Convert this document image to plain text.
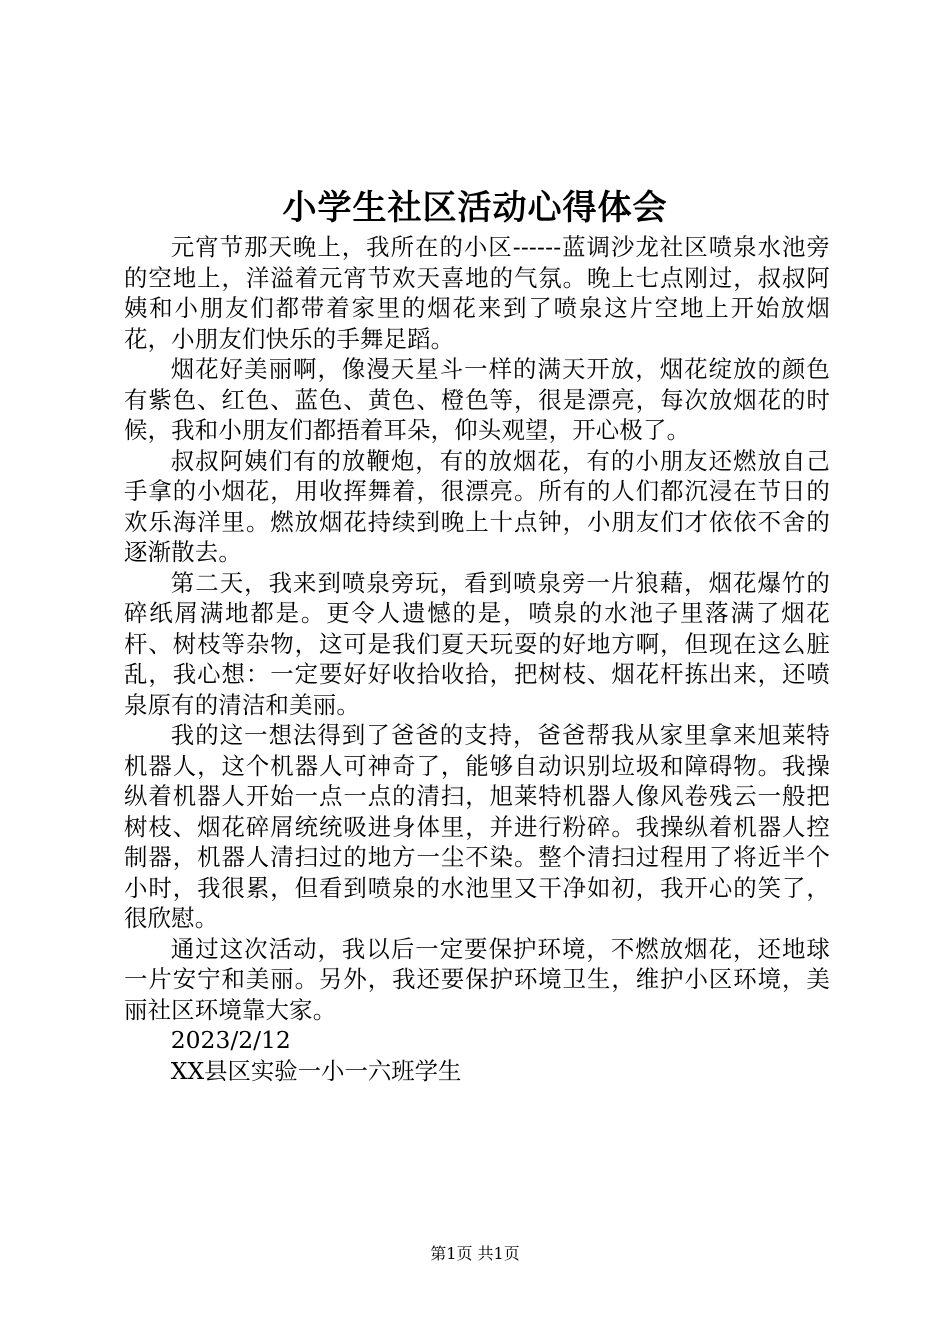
小学生社区活动心得体会

元宵节那天晚上，我所在的小区------蓝调沙龙社区喷泉水池旁的空地上，洋溢着元宵节欢天喜地的气氛。晚上七点刚过，叔叔阿姨和小朋友们都带着家里的烟花来到了喷泉这片空地上开始放烟花，小朋友们快乐的手舞足蹈。

烟花好美丽啊，像漫天星斗一样的满天开放，烟花绽放的颜色有紫色、红色、蓝色、黄色、橙色等，很是漂亮，每次放烟花的时候，我和小朋友们都捂着耳朵，仰头观望，开心极了。

叔叔阿姨们有的放鞭炮，有的放烟花，有的小朋友还燃放自己手拿的小烟花，用收挥舞着，很漂亮。所有的人们都沉浸在节日的欢乐海洋里。燃放烟花持续到晚上十点钟，小朋友们才依依不舍的逐渐散去。

第二天，我来到喷泉旁玩，看到喷泉旁一片狼藉，烟花爆竹的碎纸屑满地都是。更令人遗憾的是，喷泉的水池子里落满了烟花杆、树枝等杂物，这可是我们夏天玩耍的好地方啊，但现在这么脏乱，我心想：一定要好好收拾收拾，把树枝、烟花杆拣出来，还喷泉原有的清洁和美丽。

我的这一想法得到了爸爸的支持，爸爸帮我从家里拿来旭莱特机器人，这个机器人可神奇了，能够自动识别垃圾和障碍物。我操纵着机器人开始一点一点的清扫，旭莱特机器人像风卷残云一般把树枝、烟花碎屑统统吸进身体里，并进行粉碎。我操纵着机器人控制器，机器人清扫过的地方一尘不染。整个清扫过程用了将近半个小时，我很累，但看到喷泉的水池里又干净如初，我开心的笑了，很欣慰。

通过这次活动，我以后一定要保护环境，不燃放烟花，还地球一片安宁和美丽。另外，我还要保护环境卫生，维护小区环境，美丽社区环境靠大家。

2023/2/12

XX县区实验一小一六班学生

第1页 共1页
